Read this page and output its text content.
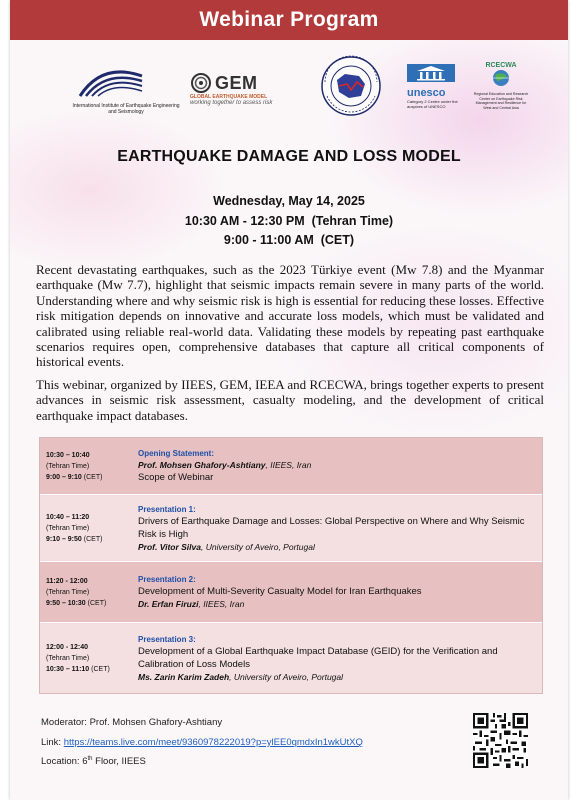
Webinar Program
International Institute of Earthquake Engineering and Seismology
GEM
GLOBAL EARTHQUAKE MODEL
working together to assess risk
unesco
Category 2 Centre under the auspices of UNESCO
RCECWA
Regional Education and Research Center on Earthquake Risk Management and Resilience for West and Central Asia
EARTHQUAKE DAMAGE AND LOSS MODEL
Wednesday, May 14, 2025
10:30 AM - 12:30 PM  (Tehran Time)
9:00 - 11:00 AM  (CET)
Recent devastating earthquakes, such as the 2023 Türkiye event (Mw 7.8) and the Myanmar earthquake (Mw 7.7), highlight that seismic impacts remain severe in many parts of the world. Understanding where and why seismic risk is high is essential for reducing these losses. Effective risk mitigation depends on innovative and accurate loss models, which must be validated and calibrated using reliable real-world data. Validating these models by repeating past earthquake scenarios requires open, comprehensive databases that capture all critical components of historical events.
This webinar, organized by IIEES, GEM, IEEA and RCECWA, brings together experts to present advances in seismic risk assessment, casualty modeling, and the development of critical earthquake impact databases.
10:30 – 10:40
(Tehran Time)
9:00 – 9:10 (CET)
Opening Statement:
Prof. Mohsen Ghafory-Ashtiany, IIEES, Iran
Scope of Webinar
10:40 – 11:20
(Tehran Time)
9:10 – 9:50 (CET)
Presentation 1:
Drivers of Earthquake Damage and Losses: Global Perspective on Where and Why Seismic Risk is High
Prof. Vitor Silva, University of Aveiro, Portugal
11:20 - 12:00
(Tehran Time)
9:50 – 10:30 (CET)
Presentation 2:
Development of Multi-Severity Casualty Model for Iran Earthquakes
Dr. Erfan Firuzi, IIEES, Iran
12:00 - 12:40
(Tehran Time)
10:30 – 11:10 (CET)
Presentation 3:
Development of a Global Earthquake Impact Database (GEID) for the Verification and Calibration of Loss Models
Ms. Zarin Karim Zadeh, University of Aveiro, Portugal
Moderator: Prof. Mohsen Ghafory-Ashtiany
Link: https://teams.live.com/meet/9360978222019?p=ylEE0qmdxIn1wkUtXQ
Location: 6th Floor, IIEES
